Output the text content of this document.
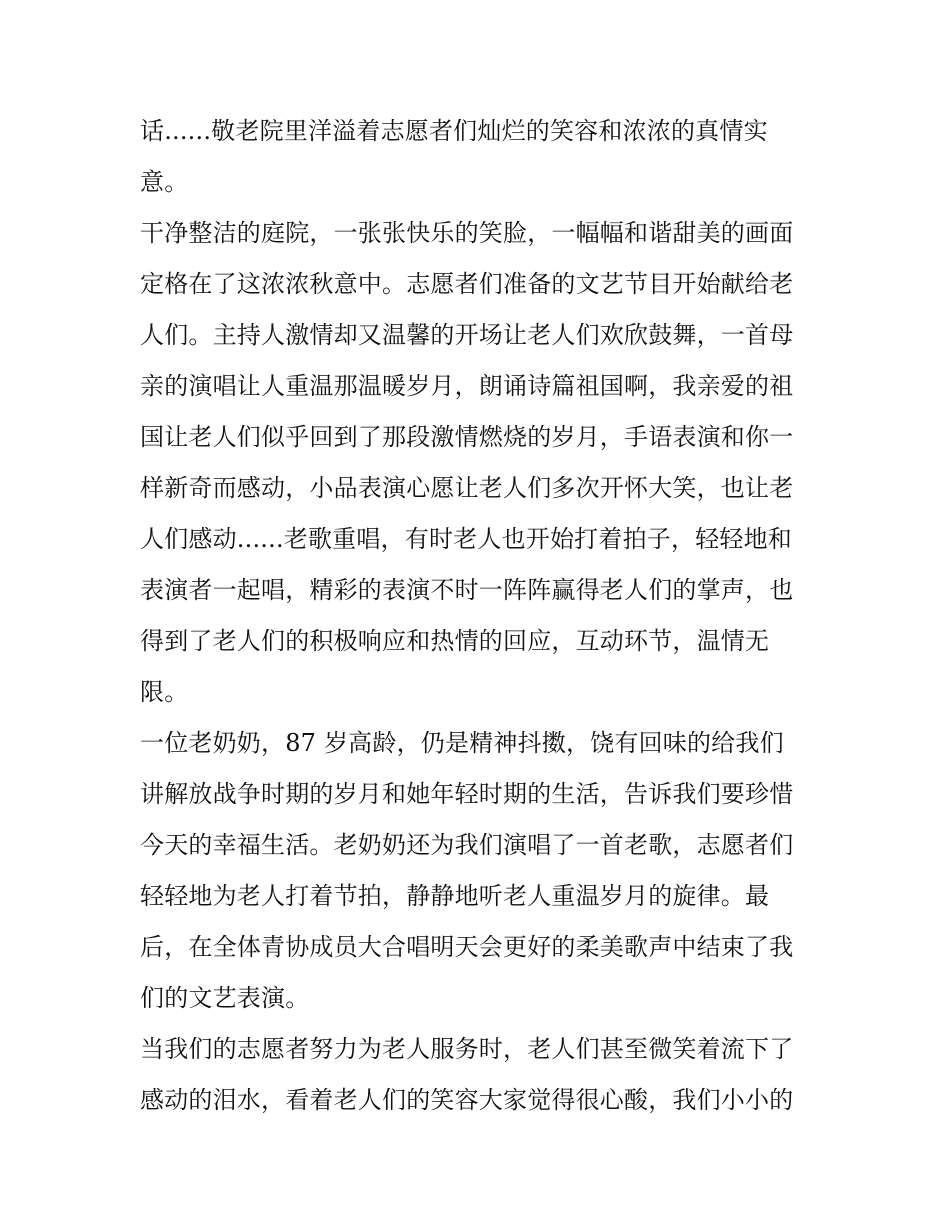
话......敬老院里洋溢着志愿者们灿烂的笑容和浓浓的真情实
意。
干净整洁的庭院，一张张快乐的笑脸，一幅幅和谐甜美的画面
定格在了这浓浓秋意中。志愿者们准备的文艺节目开始献给老
人们。主持人激情却又温馨的开场让老人们欢欣鼓舞，一首母
亲的演唱让人重温那温暖岁月，朗诵诗篇祖国啊，我亲爱的祖
国让老人们似乎回到了那段激情燃烧的岁月，手语表演和你一
样新奇而感动，小品表演心愿让老人们多次开怀大笑，也让老
人们感动......老歌重唱，有时老人也开始打着拍子，轻轻地和
表演者一起唱，精彩的表演不时一阵阵赢得老人们的掌声，也
得到了老人们的积极响应和热情的回应，互动环节，温情无
限。
一位老奶奶，87 岁高龄，仍是精神抖擞，饶有回味的给我们
讲解放战争时期的岁月和她年轻时期的生活，告诉我们要珍惜
今天的幸福生活。老奶奶还为我们演唱了一首老歌，志愿者们
轻轻地为老人打着节拍，静静地听老人重温岁月的旋律。最
后，在全体青协成员大合唱明天会更好的柔美歌声中结束了我
们的文艺表演。
当我们的志愿者努力为老人服务时，老人们甚至微笑着流下了
感动的泪水，看着老人们的笑容大家觉得很心酸，我们小小的
